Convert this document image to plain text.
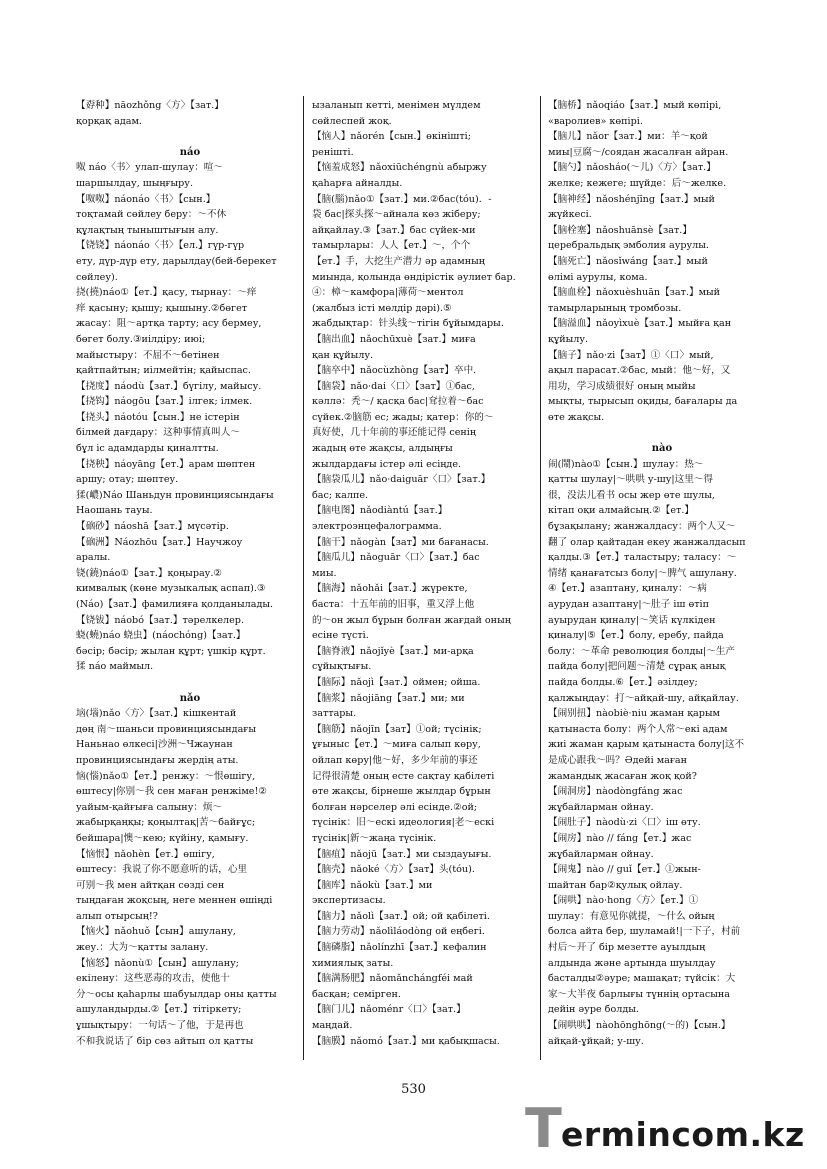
【孬种】nāozhǒng〈方〉【зат.】
қорқақ адам.

náo
呶 náo〈书〉улап-шулау：喧～
шаршылдау, шыңғыру.
【呶呶】náonáo〈书〉【сын.】
тоқтамай сөйлеу беру：～不休
құлақтың тыныштығын алу.
【铙铙】náonáo〈书〉【ел.】гүр-гүр
ету, дүр-дүр ету, дарылдау(бей-берекет
сөйлеу).
挠(撓)náo①【ет.】қасу, тырнау：～痒
痒 қасыну; қышу; қышыну.②бөгет
жасау：阻～артқа тарту; асу бермеу,
бөгет болу.③иілдіру; июі;
майыстыру：不屈不～бетінен
қайтпайтын; иілмейтін; қайыспас.
【挠度】náodù【зат.】бүгілу, майысу.
【挠钩】náogōu【зат.】ілгек; ілмек.
【挠头】náotóu【сын.】не істерін
білмей дағдару：这种事情真叫人～
бұл іс адамдарды қиналтты.
【挠秧】náoyāng【ет.】арам шөптен
аршу; отау; шөптеу.
猱(嶩)Náo Шаньдун провинциясындағы
Наошань тауы.
【硇砂】náoshā【зат.】мүсәтір.
【硇洲】Náozhōu【зат.】Научжоу
аралы.
铙(鐃)náo①【зат.】қоңырау.②
кимвалық (көне музыкалық аспап).③
(Náo)【зат.】фамилияға қолданылады.
【铙钹】náobó【зат.】тәрелкелер.
蛲(蟯)náo 蛲虫】(náochóng)【зат.】
бәсір; бәсір; жылан құрт; үшкір құрт.
猱 náo маймыл.

nǎo
垴(堖)nǎo〈方〉【зат.】кішкентай
дөң 南～шаньси провинциясындағы
Наньнао өлкесі|沙洲～Чжаунан
провинциясындағы жердің аты.
恼(惱)nǎo①【ет.】ренжу：～恨өшігу,
өштесу|你别～我 сен маған ренжіме!②
уайым-қайғыға салыну：烦～
жабырқаңқы; қоңылтақ|苦～байғұс;
бейшара|懊～кею; күйіну, қамығу.
【恼恨】nǎohèn【ет.】өшігу,
өштесу：我说了你不愿意听的话，心里
可别～我 мен айтқан сөзді сен
тыңдаған жоқсың, неге меннен өшіңді
алып отырсың!?
【恼火】nǎohuǒ【сын】ашулану,
жеу.：大为～қатты залану.
【恼怒】nǎonù①【сын】ашулану;
екілену：这些恶毒的攻击，使他十
分～осы қаһарлы шабуылдар оны қатты
ашуландырды.②【ет.】тітіркету;
ұшықтыру：一句话～了他，于是再也
不和我说话了 бір сөз айтып ол қатты
ызаланып кетті, менімен мүлдем
сөйлеспей жоқ.
【恼人】nǎorén【сын.】өкінішті;
ренішті.
【恼羞成怒】nǎoxiūchéngnù абыржу
қаһарға айналды.
【脑(腦)nǎo①【зат.】ми.②бас(tóu)．-
袋 бас|探头探～айнала көз жіберу;
айқайлау.③【зат.】бас сүйек-ми
тамырлары：人人【ет.】～，个个
【ет.】手，大挖生产潜力 әр адамның
миында, қолында өндірістік әулиет бар.
④：樟～камфора|薄荷～ментол
(жалбыз істі мөлдір дәрі).⑤
жабдықтар：针头线～тігін бұйымдары.
【脑出血】nǎochūxuè【зат.】миға
қан құйылу.
【脑卒中】nǎocùzhòng【зат】卒中.
【脑袋】nǎo·dai〈口〉【зат】①бас,
кәллә：秃～/ қасқа бас|耷拉着～бас
сүйек.②脑筋 ес; жады; қатер：你的～
真好使，几十年前的事还能记得 сенің
жадың өте жақсы, алдыңғы
жылдардағы істер әлі есіңде.
【脑袋瓜儿】nǎo·daiguār〈口〉【зат.】
бас; калпе.
【脑电图】nǎodiàntú【зат.】
электроэнцефалограмма.
【脑干】nǎogàn【зат】ми бағанасы.
【脑瓜儿】nǎoguār〈口〉【зат.】бас
миы.
【脑海】nǎohǎi【зат.】жүректе,
баста：十五年前的旧事，重又浮上他
的～он жыл бұрын болған жағдай оның
есіне түсті.
【脑脊液】nǎojǐyè【зат.】ми-арқа
сұйықтығы.
【脑际】nǎojì【зат.】оймен; ойша.
【脑浆】nǎojiāng【зат.】ми; ми
заттары.
【脑筋】nǎojīn【зат】①ой; түсінік;
ұғыныс【ет.】～миға салып көру,
ойлап көру|他～好，多少年前的事还
记得很清楚 оның есте сақтау қабілеті
өте жақсы, бірнеше жылдар бұрын
болған нәрселер әлі есінде.②ой;
түсінік：旧～ескі идеология|老～ескі
түсінік|新～жаңа түсінік.
【脑疽】nǎojū【зат.】ми сыздауығы.
【脑壳】nǎoké〈方〉【зат】头(tóu).
【脑库】nǎokù【зат.】ми
экспертизасы.
【脑力】nǎolì【зат.】ой; ой қабілеті.
【脑力劳动】nǎolìláodòng ой еңбегі.
【脑磷脂】nǎolínzhī【зат.】кефалин
химиялық заты.
【脑满肠肥】nǎomǎnchángféi май
басқан; семірген.
【脑门儿】nǎoménr〈口〉【зат.】
маңдай.
【脑膜】nǎomó【зат.】ми қабықшасы.
【脑桥】nǎoqiáo【зат.】мый көпірі,
«варолиев» көпірі.
【脑儿】nǎor【зат.】ми：羊～қой
миы|豆腐～/соядан жасалған айран.
【脑勺】nǎosháo(～儿)〈方〉【зат.】
желке; кежеге; шүйде：后～желке.
【脑神经】nǎoshénjīng【зат.】мый
жүйкесі.
【脑栓塞】nǎoshuānsè【зат.】
церебральдық эмболия аурулы.
【脑死亡】nǎosǐwáng【зат.】мый
өлімі аурулы, кома.
【脑血栓】nǎoxuèshuān【зат.】мый
тамырларының тромбозы.
【脑溢血】nǎoyìxuè【зат.】мыйға қан
құйылу.
【脑子】nǎo·zi【зат】①〈口〉мый,
ақыл парасат.②бас, мый：他～好，又
用功，学习成绩很好 оның мыйы
мықты, тырысып оқиды, бағалары да
өте жақсы.

nào
闹(鬧)nào①【сын.】шулау：热～
қатты шулау|～哄哄 у-шу|这里～得
很，没法儿看书 осы жер өте шулы,
кітап оқи алмайсың.②【ет.】
бұзақылану; жанжалдасу：两个人又～
翻了 олар қайтадан екеу жанжалдасып
қалды.③【ет.】таластыру; таласу：～
情绪 қанағатсыз болу|～脾气 ашулану.
④【ет.】азаптану, қиналу：～病
аурудан азаптану|～肚子 іш өтіп
ауырудан қиналу|～笑话 күлкіден
қиналу|⑤【ет.】болу, еребу, пайда
болу：～革命 революция болды|～生产
пайда болу|把问题～清楚 сұрақ анық
пайда болды.⑥【ет.】әзілдеу;
қалжыңдау：打～айқай-шу, айқайлау.
【闹别扭】nàobiè·niu жаман қарым
қатынаста болу：两个人常～екі адам
жиі жаман қарым қатынаста болу|这不
是成心跟我～吗？Әдейі маған
жамандық жасаған жоқ қой?
【闹洞房】nàodòngfáng жас
жұбайларман ойнау.
【闹肚子】nàodù·zi〈口〉іш өту.
【闹房】nào // fáng【ет.】жас
жұбайларман ойнау.
【闹鬼】nào // guǐ【ет.】①жын-
шайтан бар②қулық ойлау.
【闹哄】nào·hong〈方〉【ет.】①
шулау：有意见你就提，～什么 ойың
болса айта бер, шуламай!|一下子，村前
村后～开了 бір мезетте ауылдың
алдында және артында шуылдау
басталды②әуре; машақат; түйсік：大
家～大半夜 барлығы түннің ортасына
дейін әуре болды.
【闹哄哄】nàohōnghōng(～的)【сын.】
айқай-ұйқай; у-шу.
530
T ermincom.kz
